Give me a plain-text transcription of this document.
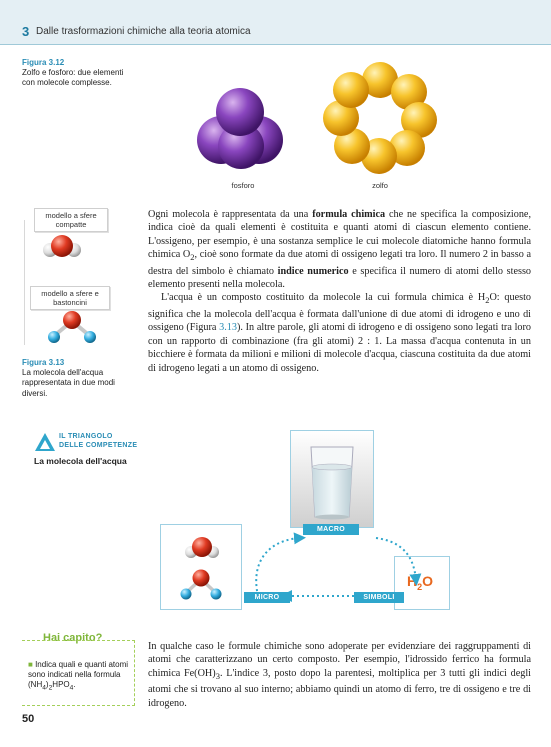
3 Dalle trasformazioni chimiche alla teoria atomica
Figura 3.12
Zolfo e fosforo: due elementi con molecole complesse.
fosforo	zolfo
modello a sfere compatte
modello a sfere e bastoncini
Figura 3.13
La molecola dell'acqua rappresentata in due modi diversi.

Ogni molecola è rappresentata da una formula chimica che ne specifica la composizione, indica cioè da quali elementi è costituita e quanti atomi di ciascun elemento contiene. L'ossigeno, per esempio, è una sostanza semplice le cui molecole diatomiche hanno formula chimica $O_2$, cioè sono formate da due atomi di ossigeno legati tra loro. Il numero 2 in basso a destra del simbolo è chiamato indice numerico e specifica il numero di atomi dello stesso elemento presenti nella molecola.

L'acqua è un composto costituito da molecole la cui formula chimica è $H_2O$: questo significa che la molecola dell'acqua è formata dall'unione di due atomi di idrogeno e uno di ossigeno (Figura 3.13). In altre parole, gli atomi di idrogeno e di ossigeno sono legati tra loro con un rapporto di combinazione (fra gli atomi) 2 : 1. La massa d'acqua contenuta in un bicchiere è formata da milioni e milioni di molecole d'acqua, ciascuna costituita da due atomi di idrogeno legati a un atomo di ossigeno.

IL TRIANGOLO
DELLE COMPETENZE
La molecola dell'acqua
MACRO
MICRO
$H_2O$
SIMBOLI
Hai capito?
■ Indica quali e quanti atomi sono indicati nella formula $(NH_4)_2HPO_4$.
In qualche caso le formule chimiche sono adoperate per evidenziare dei raggruppamenti di atomi che caratterizzano un certo composto. Per esempio, l'idrossido ferrico ha formula chimica $Fe(OH)_3$. L'indice 3, posto dopo la parentesi, moltiplica per 3 tutti gli indici degli atomi che si trovano al suo interno; abbiamo quindi un atomo di ferro, tre di ossigeno e tre di idrogeno.
50
